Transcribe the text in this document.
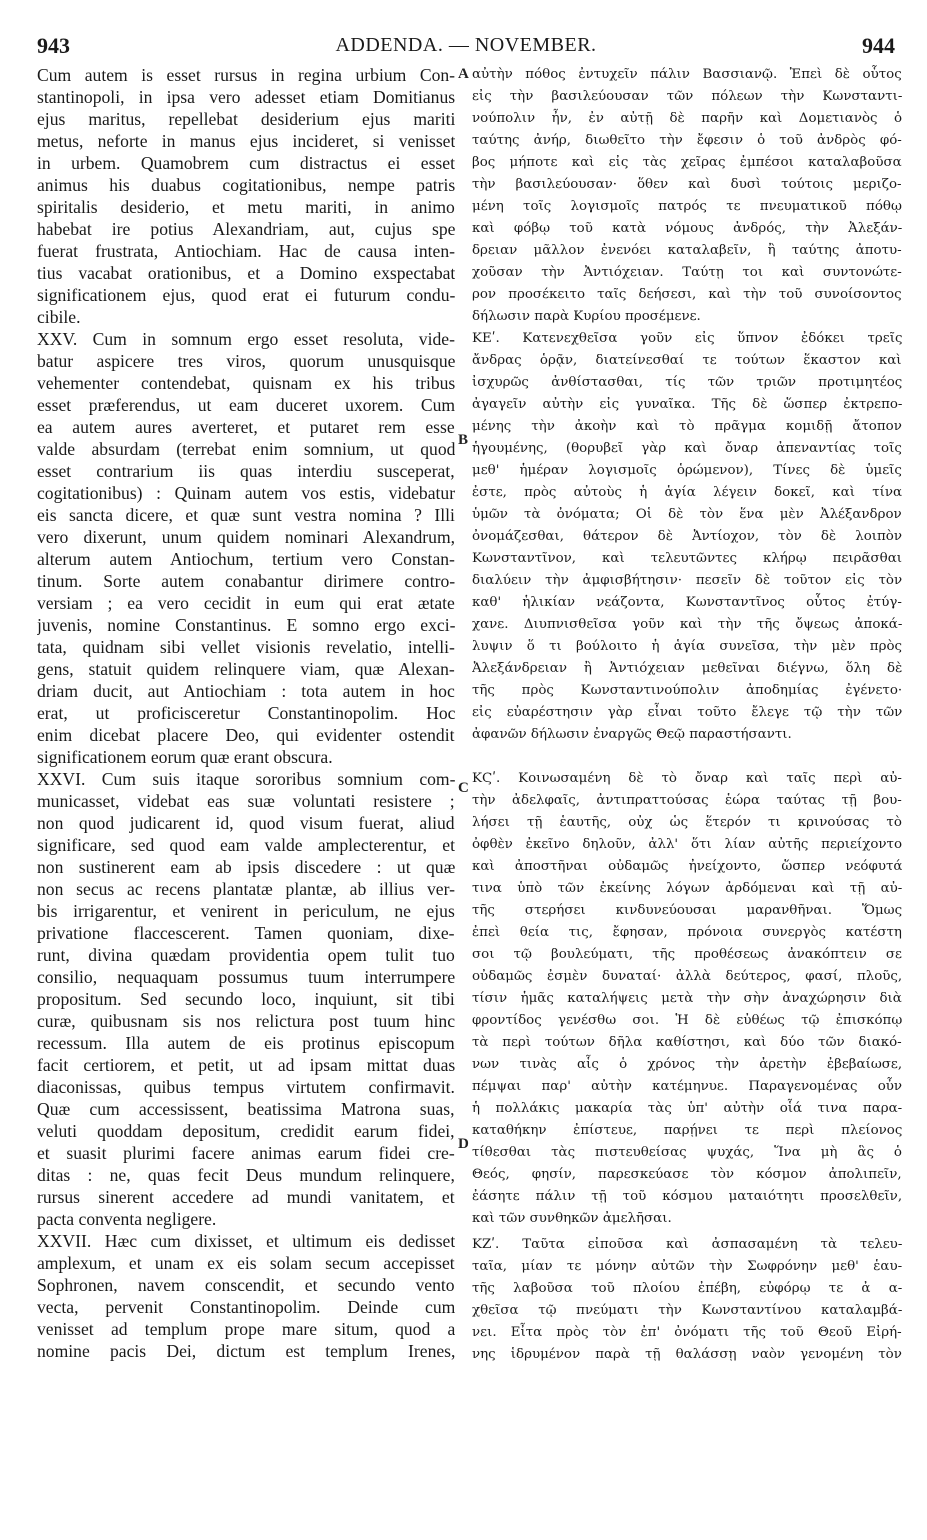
943	ADDENDA. — NOVEMBER.	944
Cum autem is esset rursus in regina urbium Con-
stantinopoli, in ipsa vero adesset etiam Domitianus
ejus maritus, repellebat desiderium ejus mariti
metus, neforte in manus ejus incideret, si venisset
in urbem. Quamobrem cum distractus ei esset
animus his duabus cogitationibus, nempe patris
spiritalis desiderio, et metu mariti, in animo
habebat ire potius Alexandriam, aut, cujus spe
fuerat frustrata, Antiochiam. Hac de causa inten-
tius vacabat orationibus, et a Domino exspectabat
significationem ejus, quod erat ei futurum condu-
cibile.
XXV. Cum in somnum ergo esset resoluta, vide-
batur aspicere tres viros, quorum unusquisque
vehementer contendebat, quisnam ex his tribus
esset præferendus, ut eam duceret uxorem. Cum
ea autem aures averteret, et putaret rem esse
valde absurdam (terrebat enim somnium, ut quod
esset contrarium iis quas interdiu susceperat,
cogitationibus) : Quinam autem vos estis, videbatur
eis sancta dicere, et quæ sunt vestra nomina ? Illi
vero dixerunt, unum quidem nominari Alexandrum,
alterum autem Antiochum, tertium vero Constan-
tinum. Sorte autem conabantur dirimere contro-
versiam ; ea vero cecidit in eum qui erat ætate
juvenis, nomine Constantinus. E somno ergo exci-
tata, quidnam sibi vellet visionis revelatio, intelli-
gens, statuit quidem relinquere viam, quæ Alexan-
driam ducit, aut Antiochiam : tota autem in hoc
erat, ut proficisceretur Constantinopolim. Hoc
enim dicebat placere Deo, qui evidenter ostendit
significationem eorum quæ erant obscura.
XXVI. Cum suis itaque sororibus somnium com-
municasset, videbat eas suæ voluntati resistere ;
non quod judicarent id, quod visum fuerat, aliud
significare, sed quod eam valde amplecterentur, et
non sustinerent eam ab ipsis discedere : ut quæ
non secus ac recens plantatæ plantæ, ab illius ver-
bis irrigarentur, et venirent in periculum, ne ejus
privatione flaccescerent. Tamen quoniam, dixe-
runt, divina quædam providentia opem tulit tuo
consilio, nequaquam possumus tuum interrumpere
propositum. Sed secundo loco, inquiunt, sit tibi
curæ, quibusnam sis nos relictura post tuum hinc
recessum. Illa autem de eis protinus episcopum
facit certiorem, et petit, ut ad ipsam mittat duas
diaconissas, quibus tempus virtutem confirmavit.
Quæ cum accessissent, beatissima Matrona suas,
veluti quoddam depositum, credidit earum fidei,
et suasit plurimi facere animas earum fidei cre-
ditas : ne, quas fecit Deus mundum relinquere,
rursus sinerent accedere ad mundi vanitatem, et
pacta conventa negligere.
XXVII. Hæc cum dixisset, et ultimum eis dedisset
amplexum, et unam ex eis solam secum accepisset
Sophronen, navem conscendit, et secundo vento
vecta, pervenit Constantinopolim. Deinde cum
venisset ad templum prope mare situm, quod a
nomine pacis Dei, dictum est templum Irenes,
αὐτὴν πόθος ἐντυχεῖν πάλιν Βασσιανῷ. Ἐπεὶ δὲ οὗτος
εἰς τὴν βασιλεύουσαν τῶν πόλεων τὴν Κωνσταντι-
νούπολιν ἦν, ἐν αὐτῇ δὲ παρῆν καὶ Δομετιανὸς ὁ
ταύτης ἀνήρ, διωθεῖτο τὴν ἔφεσιν ὁ τοῦ ἀνδρὸς φό-
βος μήποτε καὶ εἰς τὰς χεῖρας ἐμπέσοι καταλαβοῦσα
τὴν βασιλεύουσαν· ὅθεν καὶ δυσὶ τούτοις μεριζο-
μένη τοῖς λογισμοῖς πατρός τε πνευματικοῦ πόθῳ
καὶ φόβῳ τοῦ κατὰ νόμους ἀνδρός, τὴν Ἀλεξάν-
δρειαν μᾶλλον ἐνενόει καταλαβεῖν, ἢ ταύτης ἀποτυ-
χοῦσαν τὴν Ἀντιόχειαν. Ταύτῃ τοι καὶ συντονώτε-
ρον προσέκειτο ταῖς δεήσεσι, καὶ τὴν τοῦ συνοίσοντος
δήλωσιν παρὰ Κυρίου προσέμενε.
ΚΕʹ. Κατενεχθεῖσα γοῦν εἰς ὕπνον ἐδόκει τρεῖς
ἄνδρας ὁρᾷν, διατείνεσθαί τε τούτων ἕκαστον καὶ
ἰσχυρῶς ἀνθίστασθαι, τίς τῶν τριῶν προτιμητέος
ἀγαγεῖν αὐτὴν εἰς γυναῖκα. Τῆς δὲ ὥσπερ ἐκτρεπο-
μένης τὴν ἀκοὴν καὶ τὸ πρᾶγμα κομιδῇ ἄτοπον
ἡγουμένης, (θορυβεῖ γὰρ καὶ ὄναρ ἀπεναντίας τοῖς
μεθ' ἡμέραν λογισμοῖς ὁρώμενον), Τίνες δὲ ὑμεῖς
ἐστε, πρὸς αὐτοὺς ἡ ἁγία λέγειν δοκεῖ, καὶ τίνα
ὑμῶν τὰ ὀνόματα; Οἱ δὲ τὸν ἕνα μὲν Ἀλέξανδρον
ὀνομάζεσθαι, θάτερον δὲ Ἀντίοχον, τὸν δὲ λοιπὸν
Κωνσταντῖνον, καὶ τελευτῶντες κλήρῳ πειρᾶσθαι
διαλύειν τὴν ἀμφισβήτησιν· πεσεῖν δὲ τοῦτον εἰς τὸν
καθ' ἡλικίαν νεάζοντα, Κωνσταντῖνος οὗτος ἐτύγ-
χανε. Διυπνισθεῖσα γοῦν καὶ τὴν τῆς ὄψεως ἀποκά-
λυψιν ὅ τι βούλοιτο ἡ ἁγία συνεῖσα, τὴν μὲν πρὸς
Ἀλεξάνδρειαν ἢ Ἀντιόχειαν μεθεῖναι διέγνω, ὅλη δὲ
τῆς πρὸς Κωνσταντινούπολιν ἀποδημίας ἐγένετο·
εἰς εὐαρέστησιν γὰρ εἶναι τοῦτο ἔλεγε τῷ τὴν τῶν
ἀφανῶν δήλωσιν ἐναργῶς Θεῷ παραστήσαντι.
ΚϚʹ. Κοινωσαμένη δὲ τὸ ὄναρ καὶ ταῖς περὶ αὐ-
τὴν ἀδελφαῖς, ἀντιπραττούσας ἑώρα ταύτας τῇ βου-
λήσει τῇ ἑαυτῆς, οὐχ ὡς ἕτερόν τι κρινούσας τὸ
ὀφθὲν ἐκεῖνο δηλοῦν, ἀλλ' ὅτι λίαν αὐτῆς περιείχοντο
καὶ ἀποστῆναι οὐδαμῶς ἠνείχοντο, ὥσπερ νεόφυτά
τινα ὑπὸ τῶν ἐκείνης λόγων ἀρδόμεναι καὶ τῇ αὐ-
τῆς στερήσει κινδυνεύουσαι μαρανθῆναι. Ὅμως
ἐπεὶ θεία τις, ἔφησαν, πρόνοια συνεργὸς κατέστη
σοι τῷ βουλεύματι, τῆς προθέσεως ἀνακόπτειν σε
οὐδαμῶς ἐσμὲν δυναταί· ἀλλὰ δεύτερος, φασί, πλοῦς,
τίσιν ἡμᾶς καταλήψεις μετὰ τὴν σὴν ἀναχώρησιν διὰ
φροντίδος γενέσθω σοι. Ἡ δὲ εὐθέως τῷ ἐπισκόπῳ
τὰ περὶ τούτων δῆλα καθίστησι, καὶ δύο τῶν διακό-
νων τινὰς αἷς ὁ χρόνος τὴν ἀρετὴν ἐβεβαίωσε,
πέμψαι παρ' αὐτὴν κατέμηνυε. Παραγενομένας οὖν
ἡ πολλάκις μακαρία τὰς ὑπ' αὐτὴν οἷά τινα παρα-
καταθήκην ἐπίστευε, παρῄνει τε περὶ πλείονος
τίθεσθαι τὰς πιστευθείσας ψυχάς, Ἵνα μὴ ἃς ὁ
Θεός, φησίν, παρεσκεύασε τὸν κόσμον ἀπολιπεῖν,
ἐάσητε πάλιν τῇ τοῦ κόσμου ματαιότητι προσελθεῖν,
καὶ τῶν συνθηκῶν ἀμελῆσαι.
ΚΖʹ. Ταῦτα εἰποῦσα καὶ ἀσπασαμένη τὰ τελευ-
ταῖα, μίαν τε μόνην αὐτῶν τὴν Σωφρόνην μεθ' ἑαυ-
τῆς λαβοῦσα τοῦ πλοίου ἐπέβη, εὐφόρῳ τε ἀ α-
χθεῖσα τῷ πνεύματι τὴν Κωνσταντίνου καταλαμβά-
νει. Εἶτα πρὸς τὸν ἐπ' ὀνόματι τῆς τοῦ Θεοῦ Εἰρή-
νης ἱδρυμένον παρὰ τῇ θαλάσσῃ ναὸν γενομένη τὸν
A
B
C
D
